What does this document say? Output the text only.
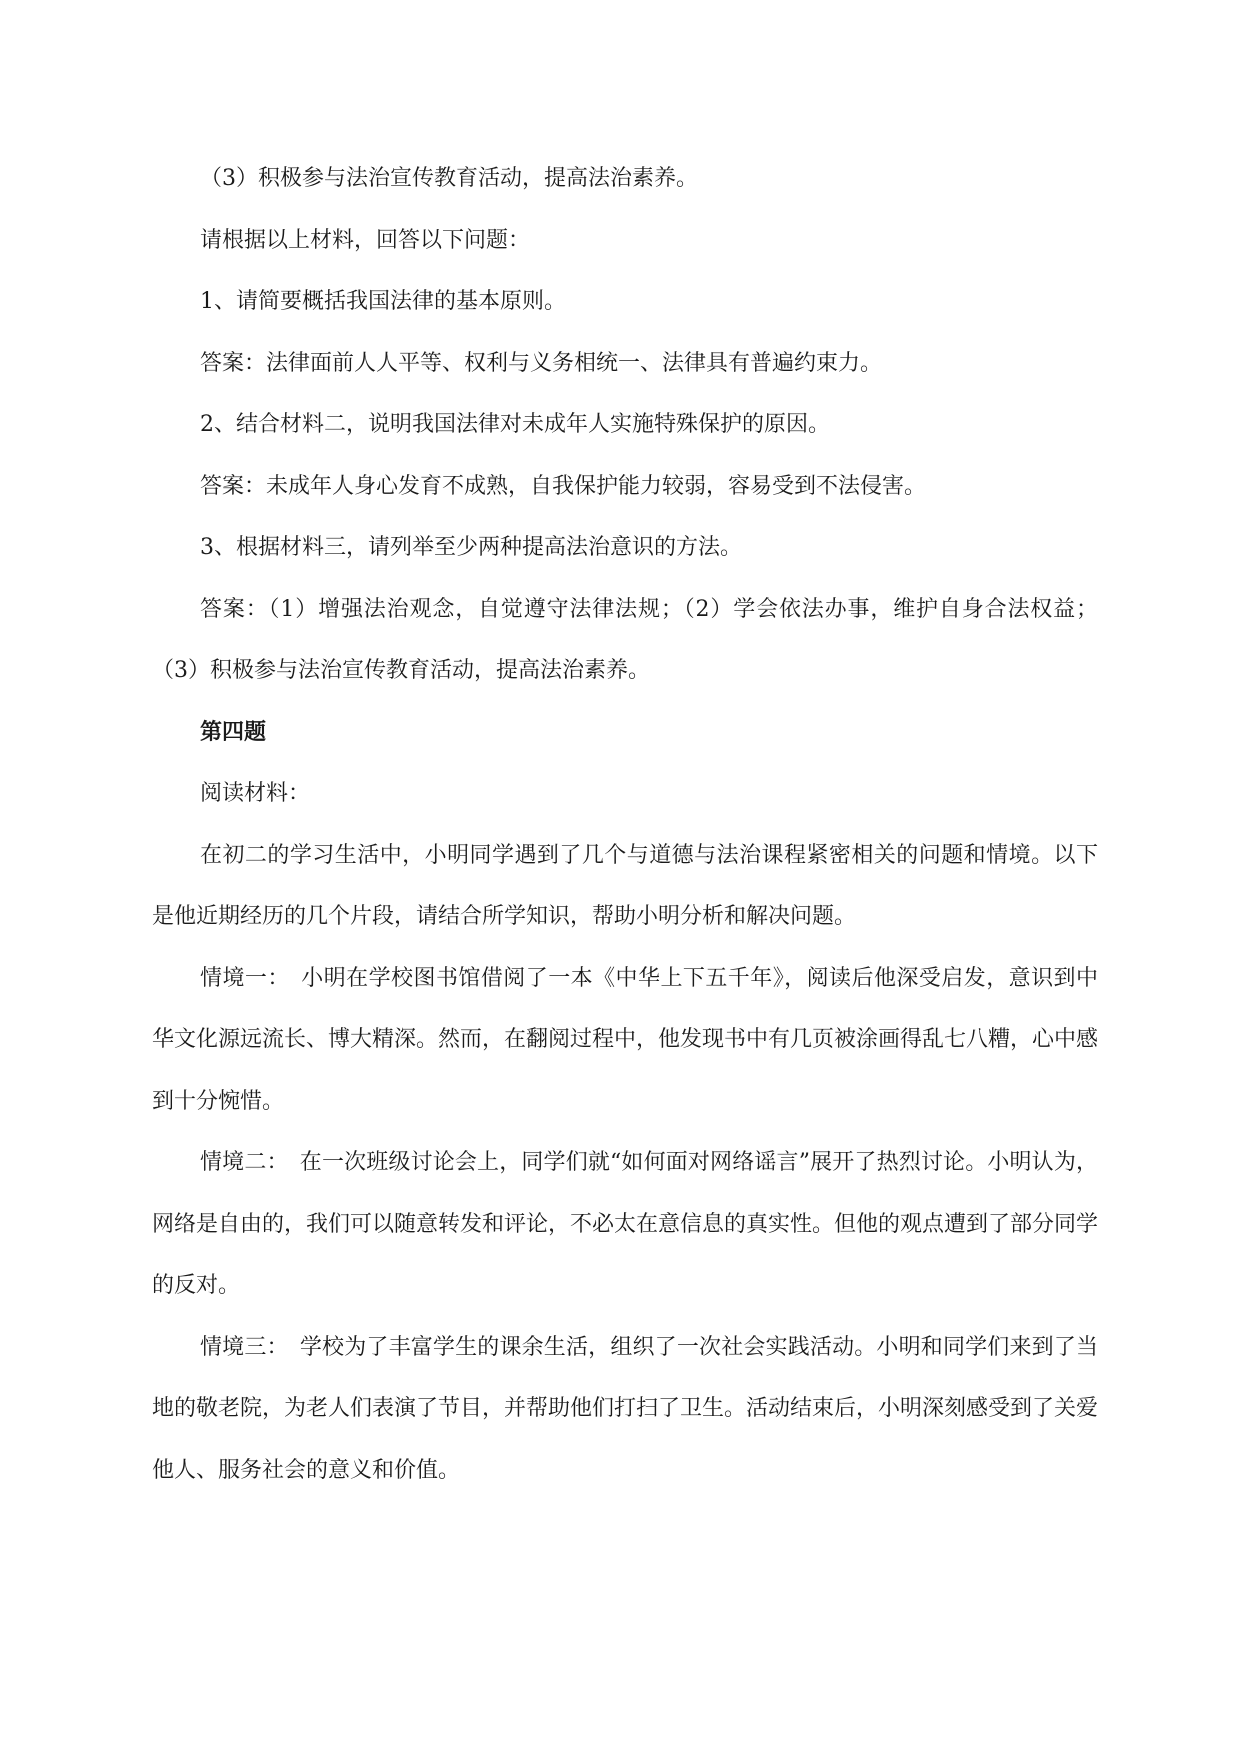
（3）积极参与法治宣传教育活动，提高法治素养。

请根据以上材料，回答以下问题：

1、请简要概括我国法律的基本原则。

答案：法律面前人人平等、权利与义务相统一、法律具有普遍约束力。

2、结合材料二，说明我国法律对未成年人实施特殊保护的原因。

答案：未成年人身心发育不成熟，自我保护能力较弱，容易受到不法侵害。

3、根据材料三，请列举至少两种提高法治意识的方法。

答案：（1）增强法治观念，自觉遵守法律法规；（2）学会依法办事，维护自身合法权益；（3）积极参与法治宣传教育活动，提高法治素养。

第四题

阅读材料：

在初二的学习生活中，小明同学遇到了几个与道德与法治课程紧密相关的问题和情境。以下是他近期经历的几个片段，请结合所学知识，帮助小明分析和解决问题。

情境一：　小明在学校图书馆借阅了一本《中华上下五千年》，阅读后他深受启发，意识到中华文化源远流长、博大精深。然而，在翻阅过程中，他发现书中有几页被涂画得乱七八糟，心中感到十分惋惜。

情境二：　在一次班级讨论会上，同学们就“如何面对网络谣言”展开了热烈讨论。小明认为，网络是自由的，我们可以随意转发和评论，不必太在意信息的真实性。但他的观点遭到了部分同学的反对。

情境三：　学校为了丰富学生的课余生活，组织了一次社会实践活动。小明和同学们来到了当地的敬老院，为老人们表演了节目，并帮助他们打扫了卫生。活动结束后，小明深刻感受到了关爱他人、服务社会的意义和价值。
